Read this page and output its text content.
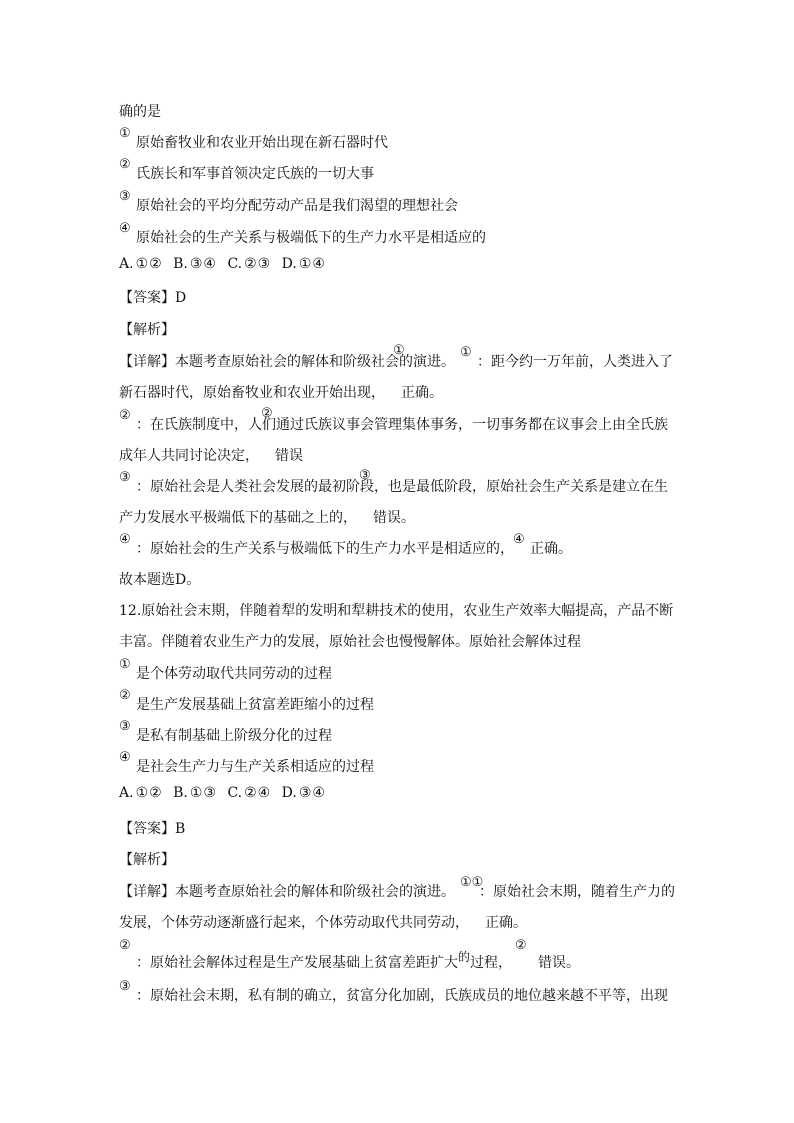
确的是
①
原始畜牧业和农业开始出现在新石器时代
②
氏族长和军事首领决定氏族的一切大事
③
原始社会的平均分配劳动产品是我们渴望的理想社会
④
原始社会的生产关系与极端低下的生产力水平是相适应的
A. ①② B. ③④ C. ②③ D. ①④
【答案】D
【解析】
【详解】本题考查原始社会的解体和阶级社会的演进。
①	①
：距今约一万年前，人类进入了
新石器时代，原始畜牧业和农业开始出现， 正确。
②	②
：在氏族制度中，人们通过氏族议事会管理集体事务，一切事务都在议事会上由全氏族
成年人共同讨论决定， 错误
③	③
：原始社会是人类社会发展的最初阶段，也是最低阶段，原始社会生产关系是建立在生
产力发展水平极端低下的基础之上的， 错误。
④
：原始社会的生产关系与极端低下的生产力水平是相适应的，
④
正确。
故本题选D。
12.原始社会末期，伴随着犁的发明和犁耕技术的使用，农业生产效率大幅提高，产品不断
丰富。伴随着农业生产力的发展，原始社会也慢慢解体。原始社会解体过程
①
是个体劳动取代共同劳动的过程
②
是生产发展基础上贫富差距缩小的过程
③
是私有制基础上阶级分化的过程
④
是社会生产力与生产关系相适应的过程
A. ①② B. ①③ C. ②④ D. ③④
【答案】B
【解析】
【详解】本题考查原始社会的解体和阶级社会的演进。
①①
：原始社会末期，随着生产力的
发展，个体劳动逐渐盛行起来，个体劳动取代共同劳动， 正确。
②
：原始社会解体过程是生产发展基础上贫富差距扩大的过程，
②
错误。
③
：原始社会末期，私有制的确立，贫富分化加剧，氏族成员的地位越来越不平等，出现
